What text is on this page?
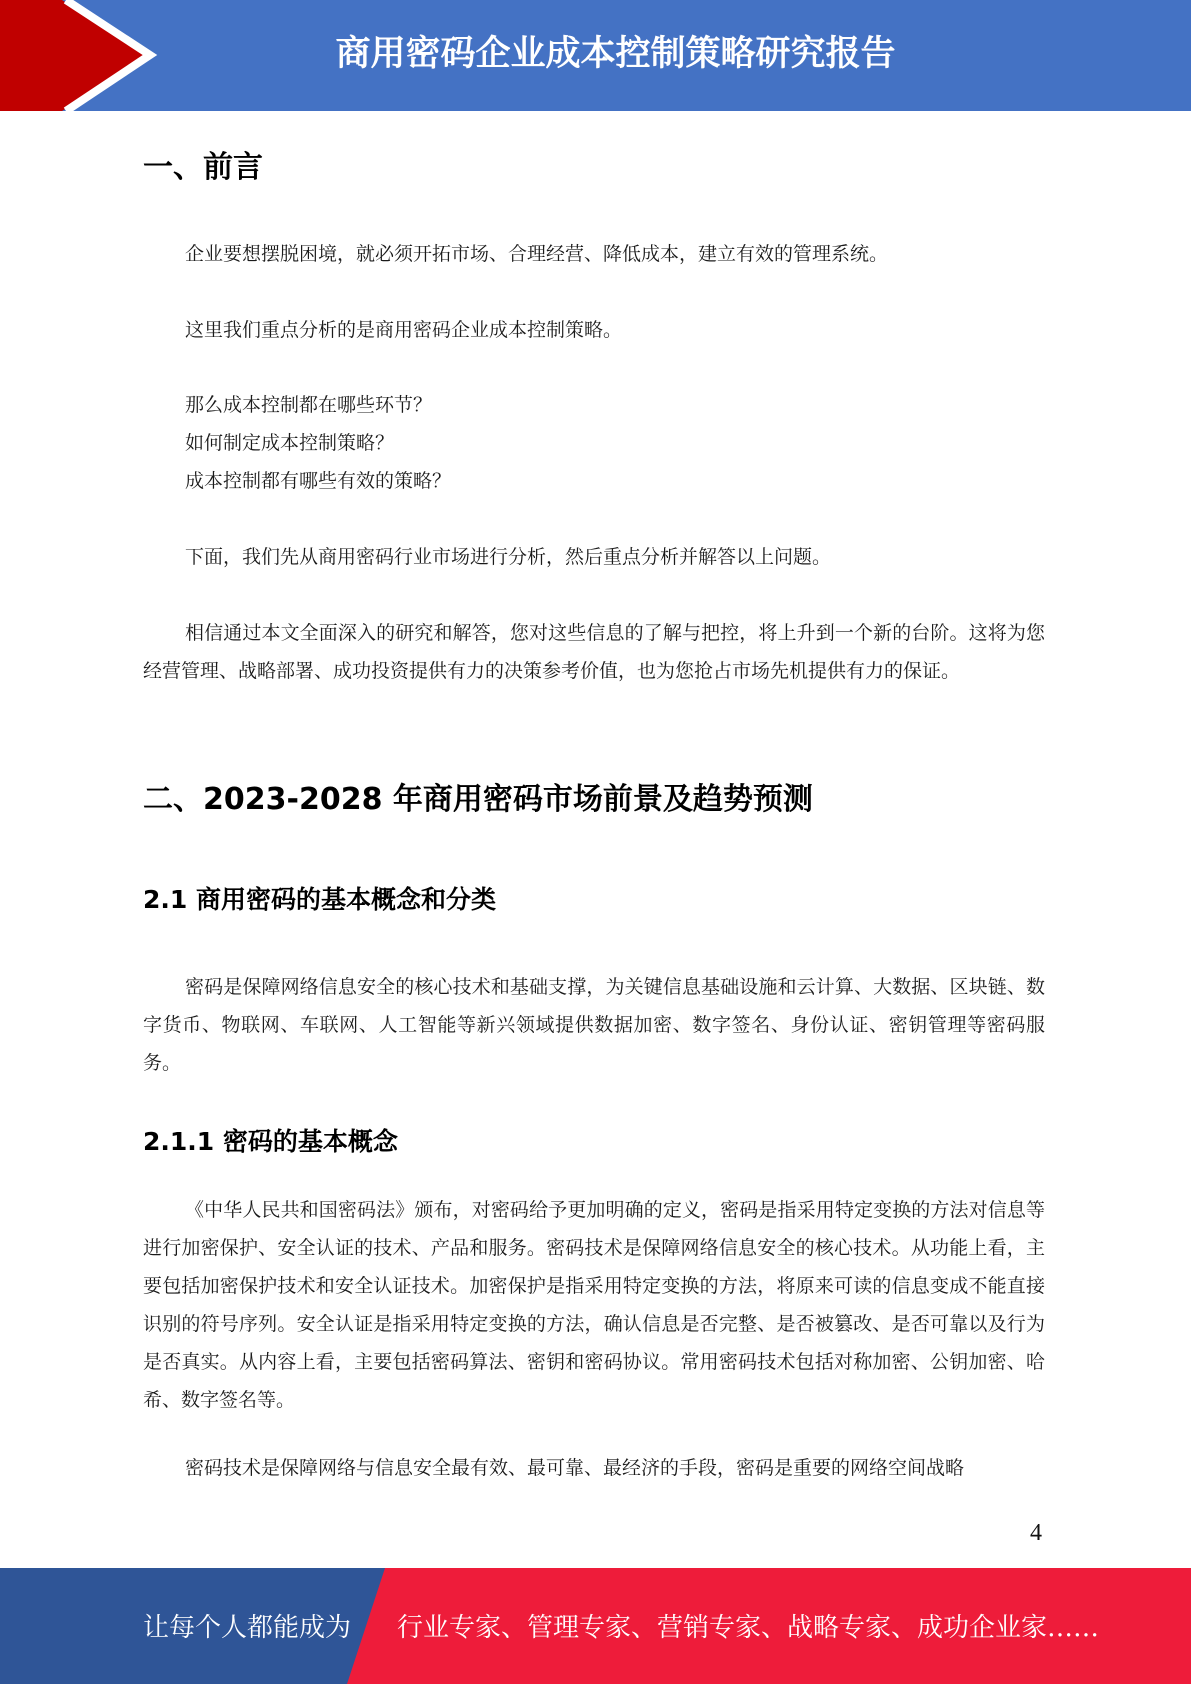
商用密码企业成本控制策略研究报告
一、前言

企业要想摆脱困境，就必须开拓市场、合理经营、降低成本，建立有效的管理系统。

这里我们重点分析的是商用密码企业成本控制策略。

那么成本控制都在哪些环节？

如何制定成本控制策略？

成本控制都有哪些有效的策略？

下面，我们先从商用密码行业市场进行分析，然后重点分析并解答以上问题。

相信通过本文全面深入的研究和解答，您对这些信息的了解与把控，将上升到一个新的台阶。这将为您经营管理、战略部署、成功投资提供有力的决策参考价值，也为您抢占市场先机提供有力的保证。

二、2023-2028 年商用密码市场前景及趋势预测
2.1 商用密码的基本概念和分类

密码是保障网络信息安全的核心技术和基础支撑，为关键信息基础设施和云计算、大数据、区块链、数字货币、物联网、车联网、人工智能等新兴领域提供数据加密、数字签名、身份认证、密钥管理等密码服务。

2.1.1 密码的基本概念

《中华人民共和国密码法》颁布，对密码给予更加明确的定义，密码是指采用特定变换的方法对信息等进行加密保护、安全认证的技术、产品和服务。密码技术是保障网络信息安全的核心技术。从功能上看，主要包括加密保护技术和安全认证技术。加密保护是指采用特定变换的方法，将原来可读的信息变成不能直接识别的符号序列。安全认证是指采用特定变换的方法，确认信息是否完整、是否被篡改、是否可靠以及行为是否真实。从内容上看，主要包括密码算法、密钥和密码协议。常用密码技术包括对称加密、公钥加密、哈希、数字签名等。

密码技术是保障网络与信息安全最有效、最可靠、最经济的手段，密码是重要的网络空间战略

4
让每个人都能成为 行业专家、管理专家、营销专家、战略专家、成功企业家……
